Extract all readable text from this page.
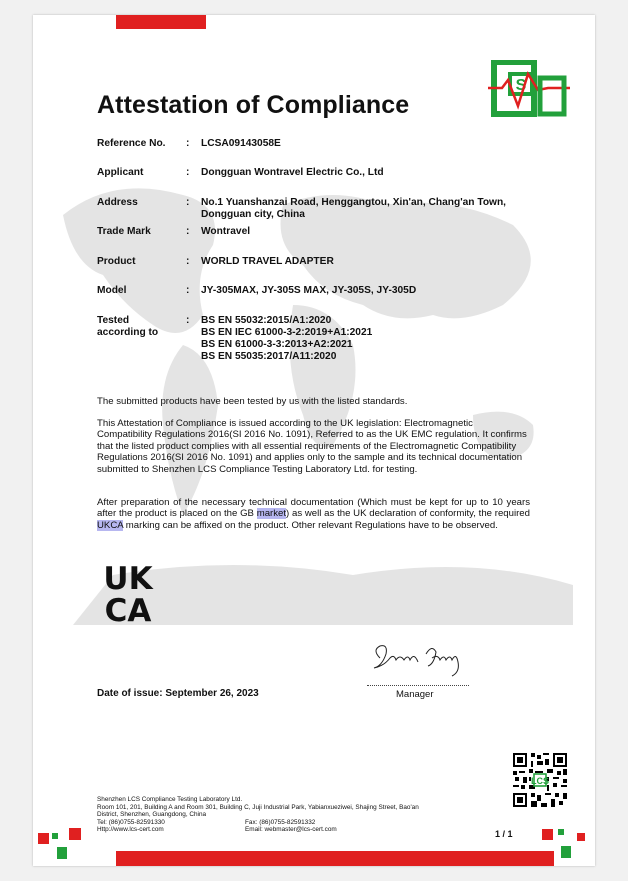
S
Attestation of Compliance
Reference No.	: LCSA09143058E
Applicant	: Dongguan Wontravel Electric Co., Ltd
Address	: No.1 Yuanshanzai Road, Henggangtou, Xin'an, Chang'an Town,
Dongguan city, China
Trade Mark	: Wontravel
Product	: WORLD TRAVEL ADAPTER
Model	: JY-305MAX, JY-305S MAX, JY-305S, JY-305D
Tested
according to
: BS EN 55032:2015/A1:2020
BS EN IEC 61000-3-2:2019+A1:2021
BS EN 61000-3-3:2013+A2:2021
BS EN 55035:2017/A11:2020

The submitted products have been tested by us with the listed standards.

This Attestation of Compliance is issued according to the UK legislation: Electromagnetic Compatibility Regulations 2016(SI 2016 No. 1091), Referred to as the UK EMC regulation. It confirms that the listed product complies with all essential requirements of the Electromagnetic Compatibility Regulations 2016(SI 2016 No. 1091) and applies only to the sample and its technical documentation submitted to Shenzhen LCS Compliance Testing Laboratory Ltd. for testing.

After preparation of the necessary technical documentation (Which must be kept for up to 10 years after the product is placed on the GB market) as well as the UK declaration of conformity, the required UKCA marking can be affixed on the product. Other relevant Regulations have to be observed.

UK
CA
Manager
Date of issue: September 26, 2023
LCS
Shenzhen LCS Compliance Testing Laboratory Ltd.
Room 101, 201, Building A and Room 301, Building C, Juji Industrial Park, Yabianxueziwei, Shajing Street, Bao'an
District, Shenzhen, Guangdong, China
Tel: (86)0755-82591330	Fax: (86)0755-82591332
Http://www.lcs-cert.com	Email: webmaster@lcs-cert.com	1 / 1
